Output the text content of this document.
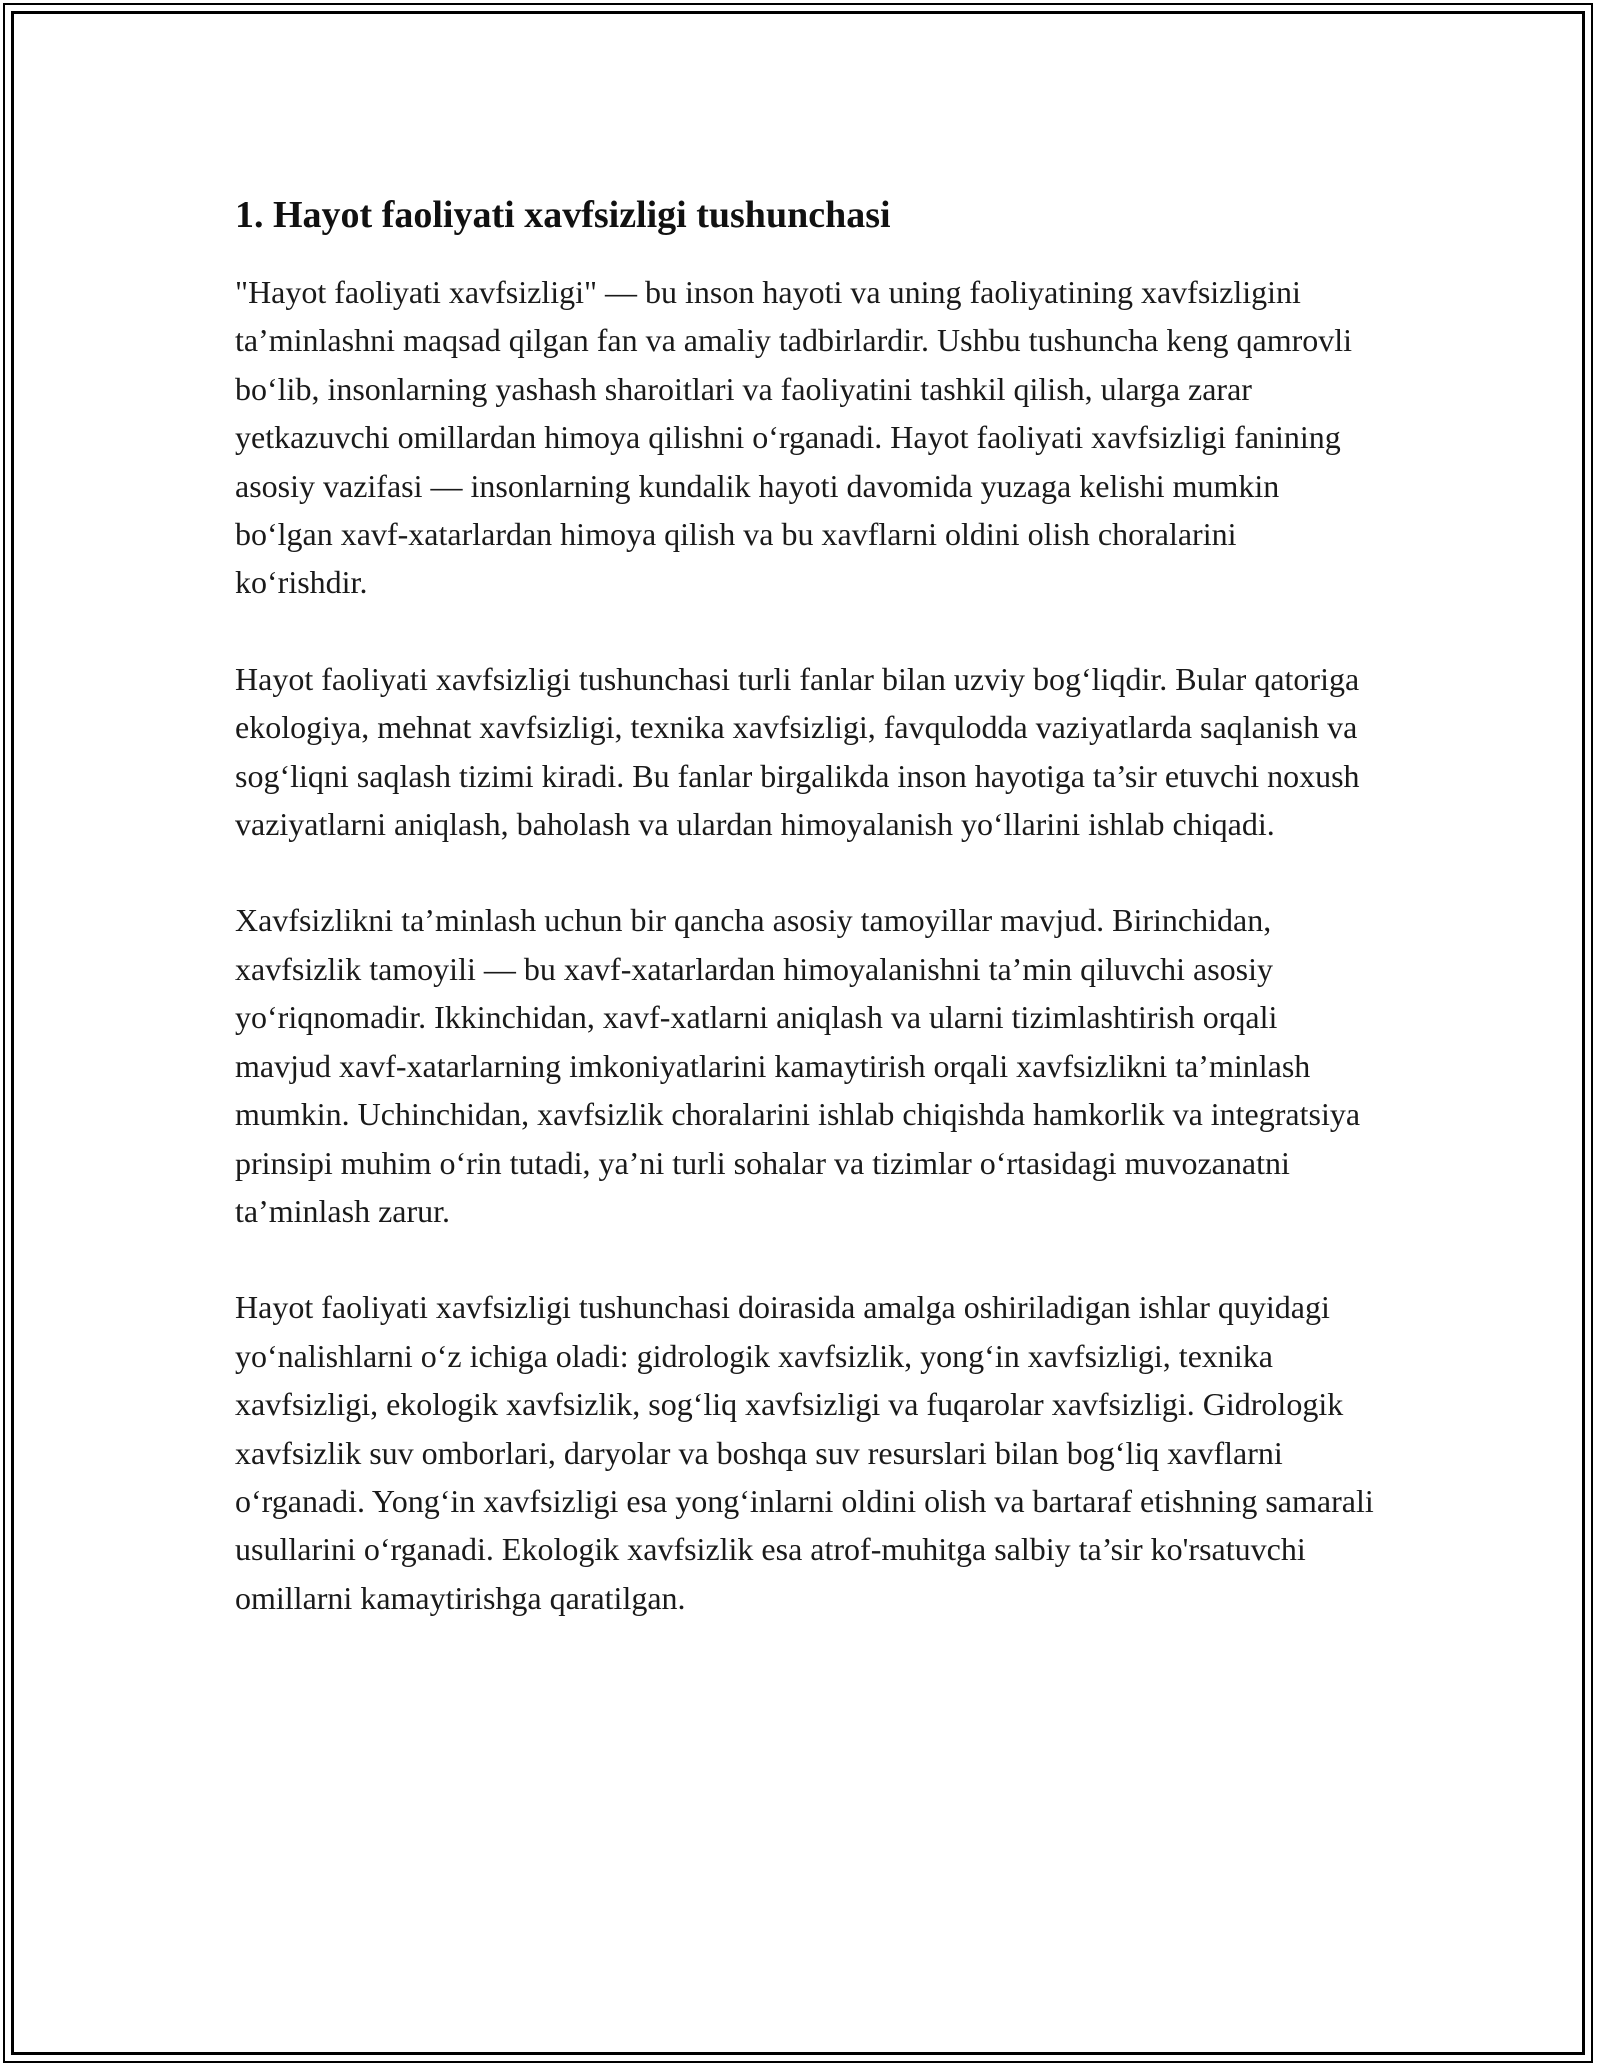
1. Hayot faoliyati xavfsizligi tushunchasi

"Hayot faoliyati xavfsizligi" — bu inson hayoti va uning faoliyatining xavfsizligini ta’minlashni maqsad qilgan fan va amaliy tadbirlardir. Ushbu tushuncha keng qamrovli bo‘lib, insonlarning yashash sharoitlari va faoliyatini tashkil qilish, ularga zarar yetkazuvchi omillardan himoya qilishni o‘rganadi. Hayot faoliyati xavfsizligi fanining asosiy vazifasi — insonlarning kundalik hayoti davomida yuzaga kelishi mumkin bo‘lgan xavf-xatarlardan himoya qilish va bu xavflarni oldini olish choralarini ko‘rishdir.

Hayot faoliyati xavfsizligi tushunchasi turli fanlar bilan uzviy bog‘liqdir. Bular qatoriga ekologiya, mehnat xavfsizligi, texnika xavfsizligi, favqulodda vaziyatlarda saqlanish va sog‘liqni saqlash tizimi kiradi. Bu fanlar birgalikda inson hayotiga ta’sir etuvchi noxush vaziyatlarni aniqlash, baholash va ulardan himoyalanish yo‘llarini ishlab chiqadi.

Xavfsizlikni ta’minlash uchun bir qancha asosiy tamoyillar mavjud. Birinchidan, xavfsizlik tamoyili — bu xavf-xatarlardan himoyalanishni ta’min qiluvchi asosiy yo‘riqnomadir. Ikkinchidan, xavf-xatlarni aniqlash va ularni tizimlashtirish orqali mavjud xavf-xatarlarning imkoniyatlarini kamaytirish orqali xavfsizlikni ta’minlash mumkin. Uchinchidan, xavfsizlik choralarini ishlab chiqishda hamkorlik va integratsiya prinsipi muhim o‘rin tutadi, ya’ni turli sohalar va tizimlar o‘rtasidagi muvozanatni ta’minlash zarur.

Hayot faoliyati xavfsizligi tushunchasi doirasida amalga oshiriladigan ishlar quyidagi yo‘nalishlarni o‘z ichiga oladi: gidrologik xavfsizlik, yong‘in xavfsizligi, texnika xavfsizligi, ekologik xavfsizlik, sog‘liq xavfsizligi va fuqarolar xavfsizligi. Gidrologik xavfsizlik suv omborlari, daryolar va boshqa suv resurslari bilan bog‘liq xavflarni o‘rganadi. Yong‘in xavfsizligi esa yong‘inlarni oldini olish va bartaraf etishning samarali usullarini o‘rganadi. Ekologik xavfsizlik esa atrof-muhitga salbiy ta’sir ko'rsatuvchi omillarni kamaytirishga qaratilgan.
